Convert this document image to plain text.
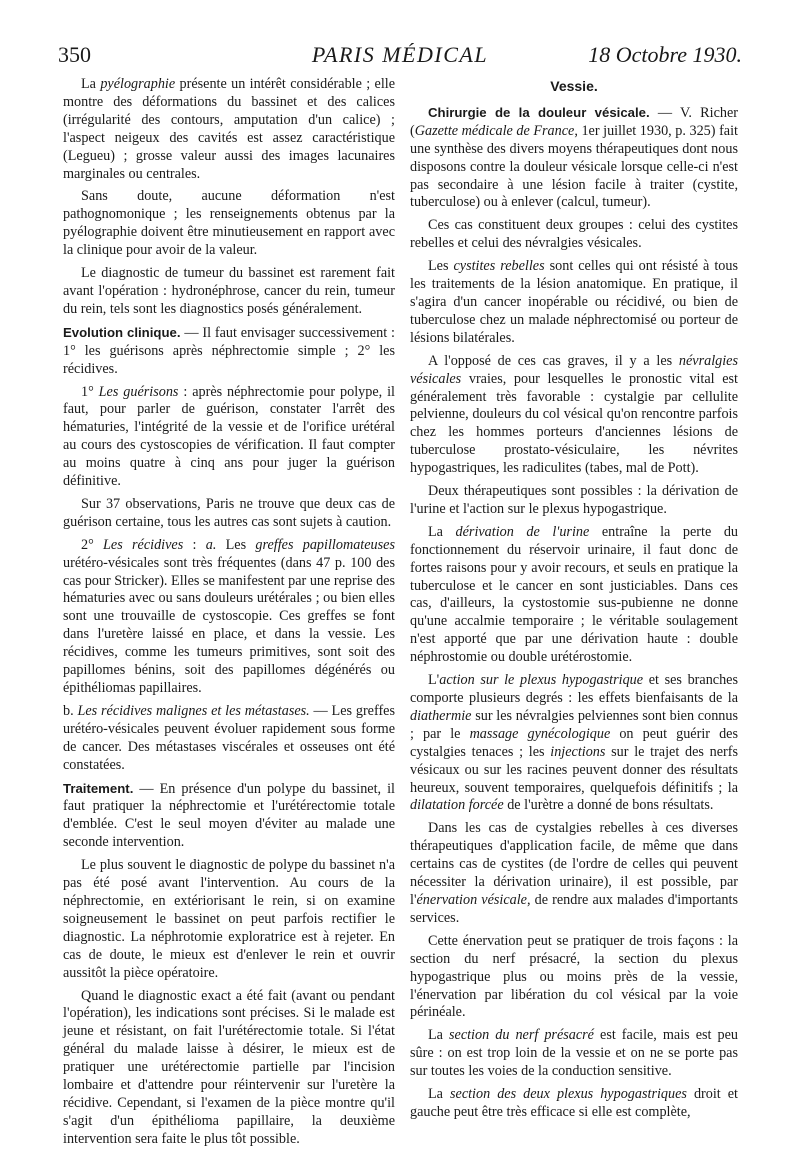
350	PARIS MÉDICAL	18 Octobre 1930.

La pyélographie présente un intérêt considérable ; elle montre des déformations du bassinet et des calices (irrégularité des contours, amputation d'un calice) ; l'aspect neigeux des cavités est assez caractéristique (Legueu) ; grosse valeur aussi des images lacunaires marginales ou centrales.

Sans doute, aucune déformation n'est pathognomonique ; les renseignements obtenus par la pyélographie doivent être minutieusement en rapport avec la clinique pour avoir de la valeur.

Le diagnostic de tumeur du bassinet est rarement fait avant l'opération : hydronéphrose, cancer du rein, tumeur du rein, tels sont les diagnostics posés généralement.

Evolution clinique. — Il faut envisager successivement : 1° les guérisons après néphrectomie simple ; 2° les récidives.

1° Les guérisons : après néphrectomie pour polype, il faut, pour parler de guérison, constater l'arrêt des hématuries, l'intégrité de la vessie et de l'orifice urétéral au cours des cystoscopies de vérification. Il faut compter au moins quatre à cinq ans pour juger la guérison définitive.

Sur 37 observations, Paris ne trouve que deux cas de guérison certaine, tous les autres cas sont sujets à caution.

2° Les récidives : a. Les greffes papillomateuses urétéro-vésicales sont très fréquentes (dans 47 p. 100 des cas pour Stricker). Elles se manifestent par une reprise des hématuries avec ou sans douleurs urétérales ; ou bien elles sont une trouvaille de cystoscopie. Ces greffes se font dans l'uretère laissé en place, et dans la vessie. Les récidives, comme les tumeurs primitives, sont soit des papillomes bénins, soit des papillomes dégénérés ou épithéliomas papillaires.

b. Les récidives malignes et les métastases. — Les greffes urétéro-vésicales peuvent évoluer rapidement sous forme de cancer. Des métastases viscérales et osseuses ont été constatées.

Traitement. — En présence d'un polype du bassinet, il faut pratiquer la néphrectomie et l'urétérectomie totale d'emblée. C'est le seul moyen d'éviter au malade une seconde intervention.

Le plus souvent le diagnostic de polype du bassinet n'a pas été posé avant l'intervention. Au cours de la néphrectomie, en extériorisant le rein, si on examine soigneusement le bassinet on peut parfois rectifier le diagnostic. La néphrotomie exploratrice est à rejeter. En cas de doute, le mieux est d'enlever le rein et ouvrir aussitôt la pièce opératoire.

Quand le diagnostic exact a été fait (avant ou pendant l'opération), les indications sont précises. Si le malade est jeune et résistant, on fait l'urétérectomie totale. Si l'état général du malade laisse à désirer, le mieux est de pratiquer une urétérectomie partielle par l'incision lombaire et d'attendre pour réintervenir sur l'uretère la récidive. Cependant, si l'examen de la pièce montre qu'il s'agit d'un épithélioma papillaire, la deuxième intervention sera faite le plus tôt possible.

Vessie.

Chirurgie de la douleur vésicale. — V. Richer (Gazette médicale de France, 1er juillet 1930, p. 325) fait une synthèse des divers moyens thérapeutiques dont nous disposons contre la douleur vésicale lorsque celle-ci n'est pas secondaire à une lésion facile à traiter (cystite, tuberculose) ou à enlever (calcul, tumeur).

Ces cas constituent deux groupes : celui des cystites rebelles et celui des névralgies vésicales.

Les cystites rebelles sont celles qui ont résisté à tous les traitements de la lésion anatomique. En pratique, il s'agira d'un cancer inopérable ou récidivé, ou bien de tuberculose chez un malade néphrectomisé ou porteur de lésions bilatérales.

A l'opposé de ces cas graves, il y a les névralgies vésicales vraies, pour lesquelles le pronostic vital est généralement très favorable : cystalgie par cellulite pelvienne, douleurs du col vésical qu'on rencontre parfois chez les hommes porteurs d'anciennes lésions de tuberculose prostato-vésiculaire, les névrites hypogastriques, les radiculites (tabes, mal de Pott).

Deux thérapeutiques sont possibles : la dérivation de l'urine et l'action sur le plexus hypogastrique.

La dérivation de l'urine entraîne la perte du fonctionnement du réservoir urinaire, il faut donc de fortes raisons pour y avoir recours, et seuls en pratique la tuberculose et le cancer en sont justiciables. Dans ces cas, d'ailleurs, la cystostomie sus-pubienne ne donne qu'une accalmie temporaire ; le véritable soulagement n'est apporté que par une dérivation haute : double néphrostomie ou double urétérostomie.

L'action sur le plexus hypogastrique et ses branches comporte plusieurs degrés : les effets bienfaisants de la diathermie sur les névralgies pelviennes sont bien connus ; par le massage gynécologique on peut guérir des cystalgies tenaces ; les injections sur le trajet des nerfs vésicaux ou sur les racines peuvent donner des résultats heureux, souvent temporaires, quelquefois définitifs ; la dilatation forcée de l'urètre a donné de bons résultats.

Dans les cas de cystalgies rebelles à ces diverses thérapeutiques d'application facile, de même que dans certains cas de cystites (de l'ordre de celles qui peuvent nécessiter la dérivation urinaire), il est possible, par l'énervation vésicale, de rendre aux malades d'importants services.

Cette énervation peut se pratiquer de trois façons : la section du nerf présacré, la section du plexus hypogastrique plus ou moins près de la vessie, l'énervation par libération du col vésical par la voie périnéale.

La section du nerf présacré est facile, mais est peu sûre : on est trop loin de la vessie et on ne se porte pas sur toutes les voies de la conduction sensitive.

La section des deux plexus hypogastriques droit et gauche peut être très efficace si elle est complète,
